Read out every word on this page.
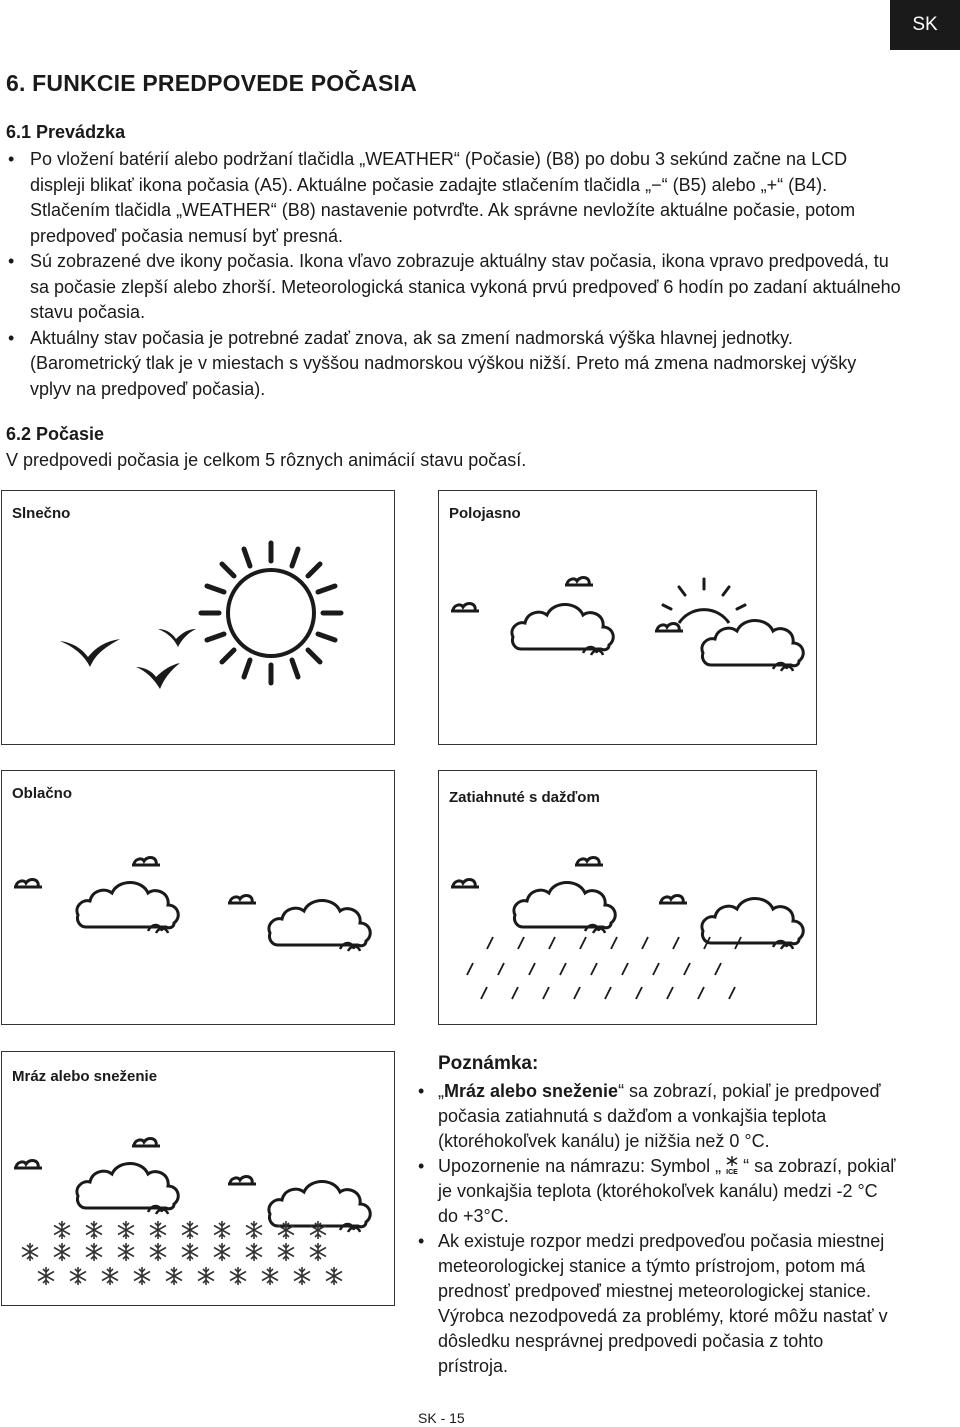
SK
6. FUNKCIE PREDPOVEDE POČASIA
6.1 Prevádzka
• Po vložení batérií alebo podržaní tlačidla „WEATHER“ (Počasie) (B8) po dobu 3 sekúnd začne na LCD displeji blikať ikona počasia (A5). Aktuálne počasie zadajte stlačením tlačidla „−“ (B5) alebo „+“ (B4). Stlačením tlačidla „WEATHER“ (B8) nastavenie potvrďte. Ak správne nevložíte aktuálne počasie, potom predpoveď počasia nemusí byť presná.
• Sú zobrazené dve ikony počasia. Ikona vľavo zobrazuje aktuálny stav počasia, ikona vpravo predpovedá, tu sa počasie zlepší alebo zhorší. Meteorologická stanica vykoná prvú predpoveď 6 hodín po zadaní aktuálneho stavu počasia.
• Aktuálny stav počasia je potrebné zadať znova, ak sa zmení nadmorská výška hlavnej jednotky. (Barometrický tlak je v miestach s vyššou nadmorskou výškou nižší. Preto má zmena nadmorskej výšky vplyv na predpoveď počasia).
6.2 Počasie
V predpovedi počasia je celkom 5 rôznych animácií stavu počasí.
Slnečno	Polojasno
Oblačno	Zatiahnuté s dažďom
Mráz alebo sneženie
Poznámka:
• „Mráz alebo sneženie“ sa zobrazí, pokiaľ je predpoveď počasia zatiahnutá s dažďom a vonkajšia teplota (ktoréhokoľvek kanálu) je nižšia než 0 °C.
• Upozornenie na námrazu: Symbol „ ICE “ sa zobrazí, pokiaľ je vonkajšia teplota (ktoréhokoľvek kanálu) medzi -2 °C do +3°C.
• Ak existuje rozpor medzi predpoveďou počasia miestnej meteorologickej stanice a týmto prístrojom, potom má prednosť predpoveď miestnej meteorologickej stanice. Výrobca nezodpovedá za problémy, ktoré môžu nastať v dôsledku nesprávnej predpovedi počasia z tohto prístroja.
SK - 15
